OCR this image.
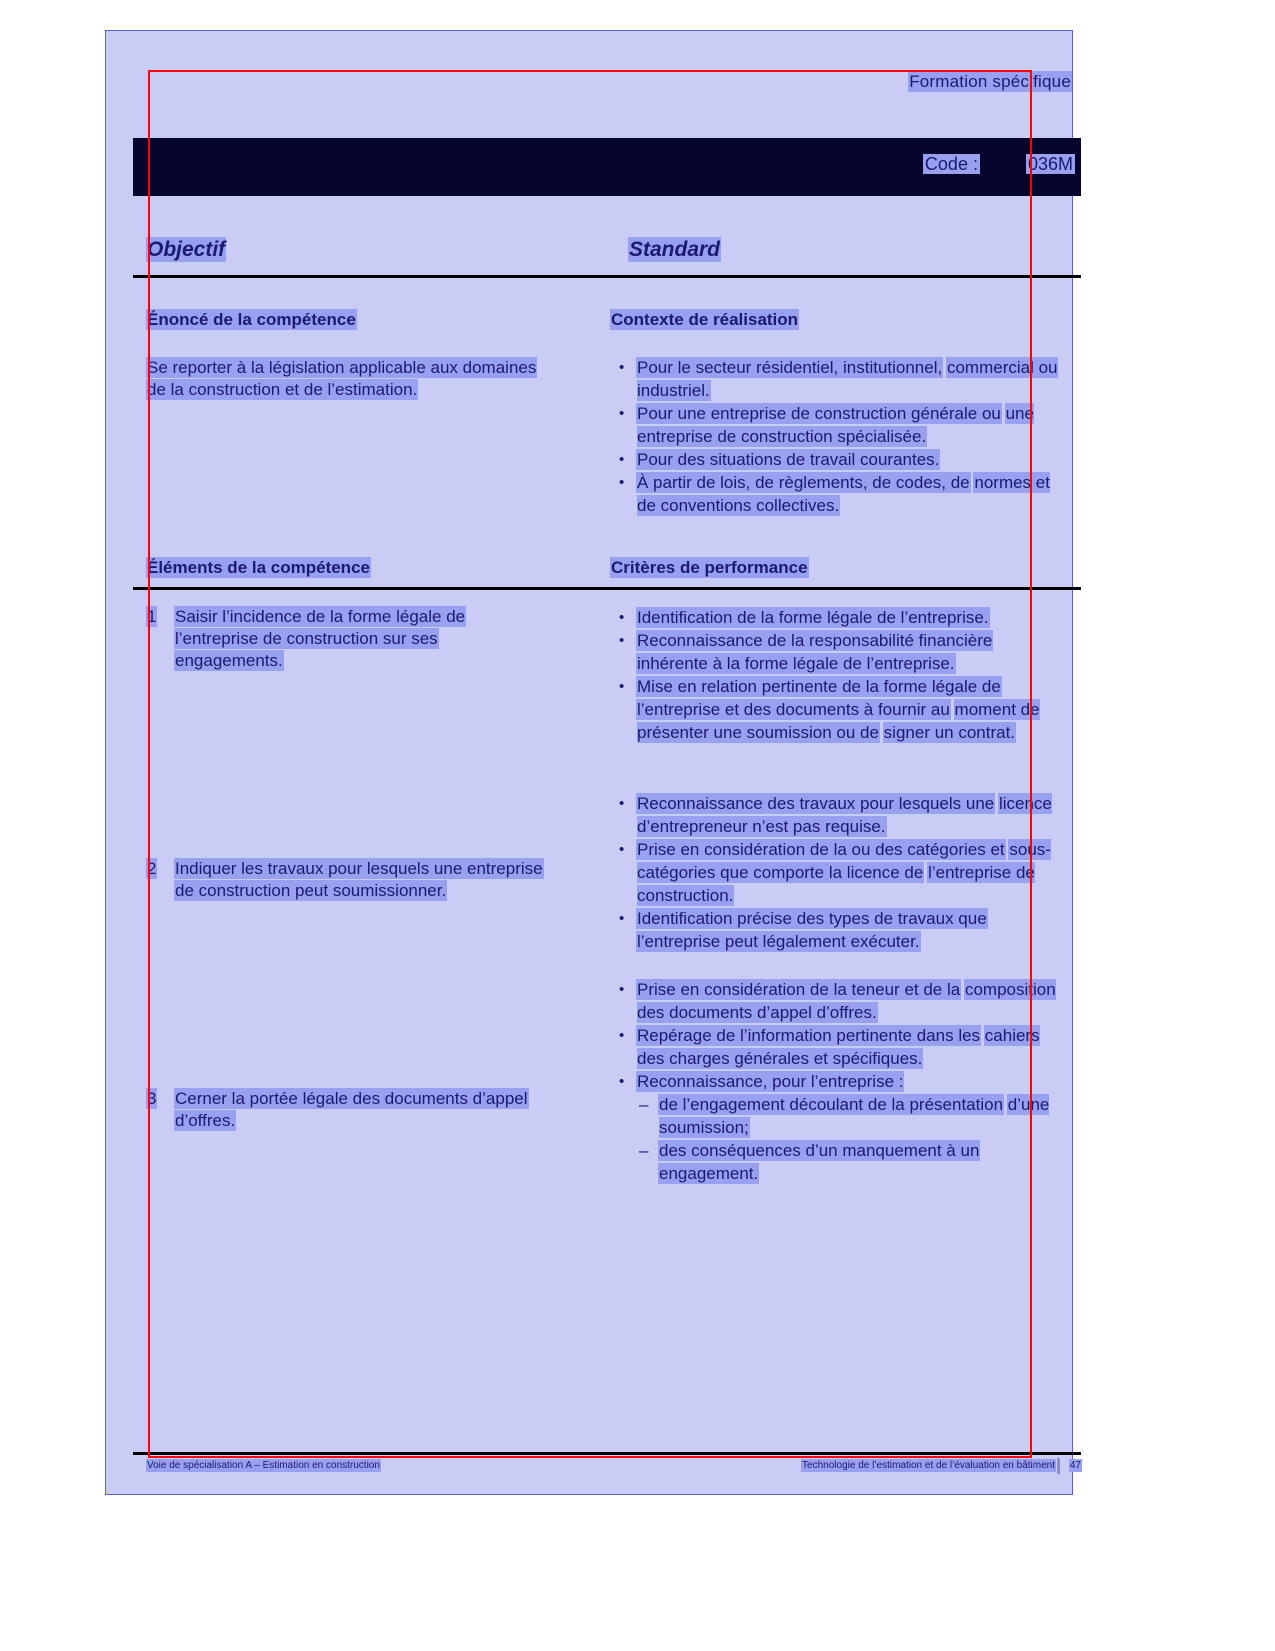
Formation spécifique
Code :	036M
Objectif	Standard
Énoncé de la compétence	Contexte de réalisation
Se reporter à la législation applicable aux domaines
de la construction et de l’estimation.
• Pour le secteur résidentiel, institutionnel, commercial ou industriel.
• Pour une entreprise de construction générale ou une entreprise de construction spécialisée.
• Pour des situations de travail courantes.
• À partir de lois, de règlements, de codes, de normes et de conventions collectives.
Éléments de la compétence	Critères de performance
1 Saisir l’incidence de la forme légale de
l’entreprise de construction sur ses
engagements.
• Identification de la forme légale de l’entreprise.
• Reconnaissance de la responsabilité financière inhérente à la forme légale de l’entreprise.
• Mise en relation pertinente de la forme légale de l’entreprise et des documents à fournir au moment de présenter une soumission ou de signer un contrat.
2 Indiquer les travaux pour lesquels une entreprise
de construction peut soumissionner.
• Reconnaissance des travaux pour lesquels une licence d’entrepreneur n’est pas requise.
• Prise en considération de la ou des catégories et sous-catégories que comporte la licence de l’entreprise de construction.
• Identification précise des types de travaux que l’entreprise peut légalement exécuter.
3 Cerner la portée légale des documents d’appel
d’offres.
• Prise en considération de la teneur et de la composition des documents d’appel d’offres.
• Repérage de l’information pertinente dans les cahiers des charges générales et spécifiques.
• Reconnaissance, pour l’entreprise :
– de l’engagement découlant de la présentation d’une soumission;
– des conséquences d’un manquement à un engagement.
Voie de spécialisation A – Estimation en construction	Technologie de l’estimation et de l’évaluation en bâtiment 47
